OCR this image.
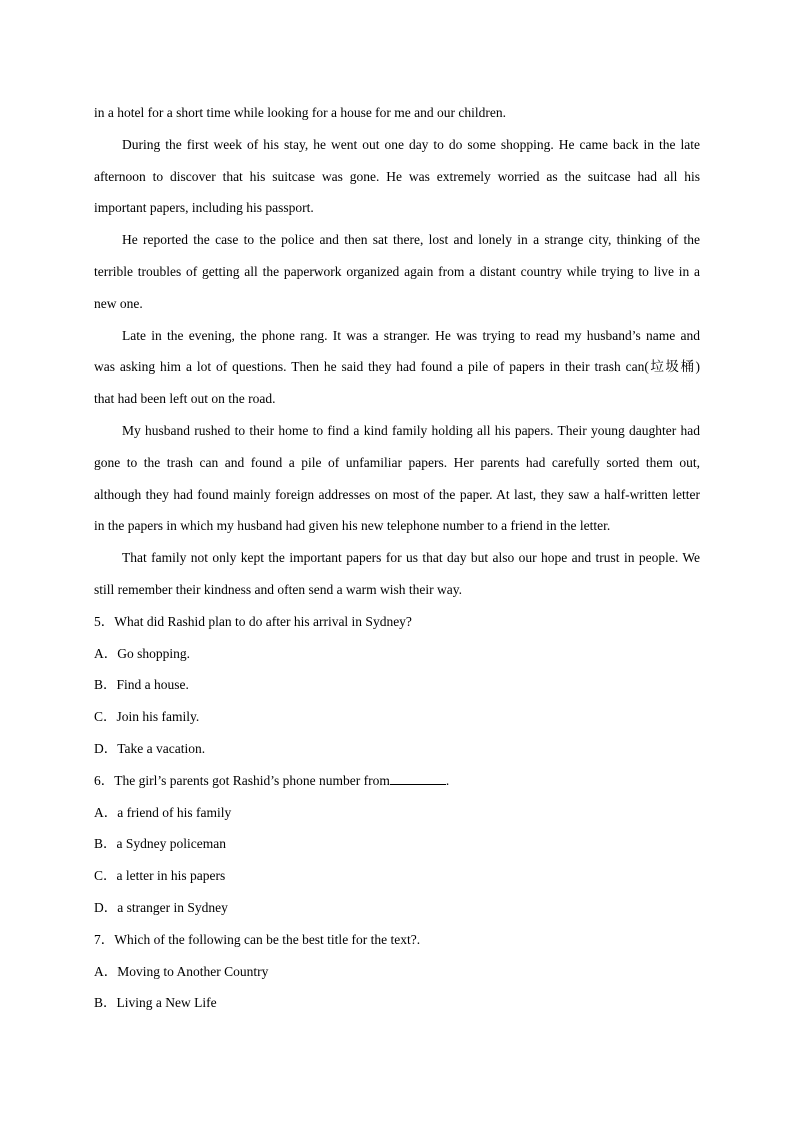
in a hotel for a short time while looking for a house for me and our children.

During the first week of his stay, he went out one day to do some shopping. He came back in the late

afternoon to discover that his suitcase was gone. He was extremely worried as the suitcase had all his

important papers, including his passport.

He reported the case to the police and then sat there, lost and lonely in a strange city, thinking of the

terrible troubles of getting all the paperwork organized again from a distant country while trying to live in a

new one.

Late in the evening, the phone rang. It was a stranger. He was trying to read my husband’s name and

was asking him a lot of questions. Then he said they had found a pile of papers in their trash can(垃圾桶)

that had been left out on the road.

My husband rushed to their home to find a kind family holding all his papers. Their young daughter had

gone to the trash can and found a pile of unfamiliar papers. Her parents had carefully sorted them out,

although they had found mainly foreign addresses on most of the paper. At last, they saw a half-written letter

in the papers in which my husband had given his new telephone number to a friend in the letter.

That family not only kept the important papers for us that day but also our hope and trust in people. We

still remember their kindness and often send a warm wish their way.

5．What did Rashid plan to do after his arrival in Sydney?

A．Go shopping.

B．Find a house.

C．Join his family.

D．Take a vacation.

6．The girl’s parents got Rashid’s phone number from	.

A．a friend of his family

B．a Sydney policeman

C．a letter in his papers

D．a stranger in Sydney

7．Which of the following can be the best title for the text?.

A．Moving to Another Country

B．Living a New Life
